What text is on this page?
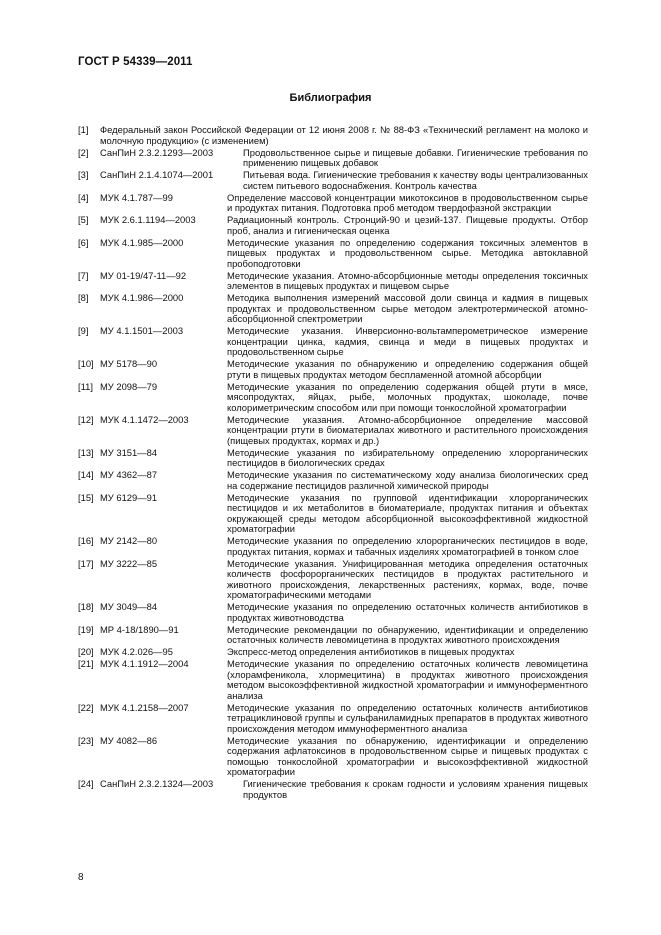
ГОСТ Р 54339—2011
Библиография
[1] Федеральный закон Российской Федерации от 12 июня 2008 г. № 88-ФЗ «Технический регламент на молоко и молочную продукцию» (с изменением)
[2] СанПиН 2.3.2.1293—2003	Продовольственное сырье и пищевые добавки. Гигиенические требования по применению пищевых добавок
[3] СанПиН 2.1.4.1074—2001	Питьевая вода. Гигиенические требования к качеству воды централизованных систем питьевого водоснабжения. Контроль качества
[4] МУК 4.1.787—99	Определение массовой концентрации микотоксинов в продовольственном сырье и продуктах питания. Подготовка проб методом твердофазной экстракции
[5] МУК 2.6.1.1194—2003	Радиационный контроль. Стронций-90 и цезий-137. Пищевые продукты. Отбор проб, анализ и гигиеническая оценка
[6] МУК 4.1.985—2000	Методические указания по определению содержания токсичных элементов в пищевых продуктах и продовольственном сырье. Методика автоклавной пробоподготовки
[7] МУ 01-19/47-11—92	Методические указания. Атомно-абсорбционные методы определения токсичных элементов в пищевых продуктах и пищевом сырье
[8] МУК 4.1.986—2000	Методика выполнения измерений массовой доли свинца и кадмия в пищевых продуктах и продовольственном сырье методом электротермической атомно-абсорбционной спектрометрии
[9] МУ 4.1.1501—2003	Методические указания. Инверсионно-вольтамперометрическое измерение концентрации цинка, кадмия, свинца и меди в пищевых продуктах и продовольственном сырье
[10] МУ 5178—90	Методические указания по обнаружению и определению содержания общей ртути в пищевых продуктах методом беспламенной атомной абсорбции
[11] МУ 2098—79	Методические указания по определению содержания общей ртути в мясе, мясопродуктах, яйцах, рыбе, молочных продуктах, шоколаде, почве колориметрическим способом или при помощи тонкослойной хроматографии
[12] МУК 4.1.1472—2003	Методические указания. Атомно-абсорбционное определение массовой концентрации ртути в биоматериалах животного и растительного происхождения (пищевых продуктах, кормах и др.)
[13] МУ 3151—84	Методические указания по избирательному определению хлорорганических пестицидов в биологических средах
[14] МУ 4362—87	Методические указания по систематическому ходу анализа биологических сред на содержание пестицидов различной химической природы
[15] МУ 6129—91	Методические указания по групповой идентификации хлорорганических пестицидов и их метаболитов в биоматериале, продуктах питания и объектах окружающей среды методом абсорбционной высокоэффективной жидкостной хроматографии
[16] МУ 2142—80	Методические указания по определению хлорорганических пестицидов в воде, продуктах питания, кормах и табачных изделиях хроматографией в тонком слое
[17] МУ 3222—85	Методические указания. Унифицированная методика определения остаточных количеств фосфорорганических пестицидов в продуктах растительного и животного происхождения, лекарственных растениях, кормах, воде, почве хроматографическими методами
[18] МУ 3049—84	Методические указания по определению остаточных количеств антибиотиков в продуктах животноводства
[19] МР 4-18/1890—91	Методические рекомендации по обнаружению, идентификации и определению остаточных количеств левомицетина в продуктах животного происхождения
[20] МУК 4.2.026—95	Экспресс-метод определения антибиотиков в пищевых продуктах
[21] МУК 4.1.1912—2004	Методические указания по определению остаточных количеств левомицетина (хлорамфеникола, хлормецитина) в продуктах животного происхождения методом высокоэффективной жидкостной хроматографии и иммуноферментного анализа
[22] МУК 4.1.2158—2007	Методические указания по определению остаточных количеств антибиотиков тетрациклиновой группы и сульфаниламидных препаратов в продуктах животного происхождения методом иммуноферментного анализа
[23] МУ 4082—86	Методические указания по обнаружению, идентификации и определению содержания афлатоксинов в продовольственном сырье и пищевых продуктах с помощью тонкослойной хроматографии и высокоэффективной жидкостной хроматографии
[24] СанПиН 2.3.2.1324—2003	Гигиенические требования к срокам годности и условиям хранения пищевых продуктов
8
